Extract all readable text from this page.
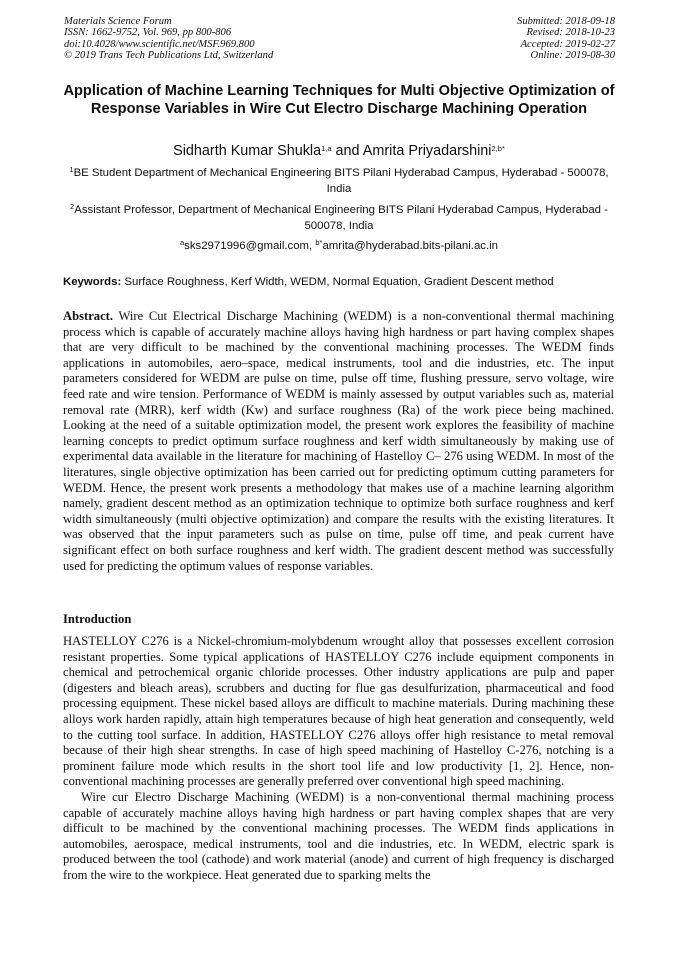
Materials Science Forum
ISSN: 1662-9752, Vol. 969, pp 800-806
doi:10.4028/www.scientific.net/MSF.969.800
© 2019 Trans Tech Publications Ltd, Switzerland
Submitted: 2018-09-18
Revised: 2018-10-23
Accepted: 2019-02-27
Online: 2019-08-30
Application of Machine Learning Techniques for Multi Objective Optimization of Response Variables in Wire Cut Electro Discharge Machining Operation
Sidharth Kumar Shukla$^{1,a}$ and Amrita Priyadarshini$^{2,b*}$
$^1$BE Student Department of Mechanical Engineering BITS Pilani Hyderabad Campus, Hyderabad - 500078, India
$^2$Assistant Professor, Department of Mechanical Engineering BITS Pilani Hyderabad Campus, Hyderabad - 500078, India
$^a$sks2971996@gmail.com, $^{b*}$amrita@hyderabad.bits-pilani.ac.in
Keywords: Surface Roughness, Kerf Width, WEDM, Normal Equation, Gradient Descent method
Abstract. Wire Cut Electrical Discharge Machining (WEDM) is a non-conventional thermal machining process which is capable of accurately machine alloys having high hardness or part having complex shapes that are very difficult to be machined by the conventional machining processes. The WEDM finds applications in automobiles, aero–space, medical instruments, tool and die industries, etc. The input parameters considered for WEDM are pulse on time, pulse off time, flushing pressure, servo voltage, wire feed rate and wire tension. Performance of WEDM is mainly assessed by output variables such as, material removal rate (MRR), kerf width (Kw) and surface roughness (Ra) of the work piece being machined. Looking at the need of a suitable optimization model, the present work explores the feasibility of machine learning concepts to predict optimum surface roughness and kerf width simultaneously by making use of experimental data available in the literature for machining of Hastelloy C– 276 using WEDM. In most of the literatures, single objective optimization has been carried out for predicting optimum cutting parameters for WEDM. Hence, the present work presents a methodology that makes use of a machine learning algorithm namely, gradient descent method as an optimization technique to optimize both surface roughness and kerf width simultaneously (multi objective optimization) and compare the results with the existing literatures. It was observed that the input parameters such as pulse on time, pulse off time, and peak current have significant effect on both surface roughness and kerf width. The gradient descent method was successfully used for predicting the optimum values of response variables.
Introduction

HASTELLOY C276 is a Nickel-chromium-molybdenum wrought alloy that possesses excellent corrosion resistant properties. Some typical applications of HASTELLOY C276 include equipment components in chemical and petrochemical organic chloride processes. Other industry applications are pulp and paper (digesters and bleach areas), scrubbers and ducting for flue gas desulfurization, pharmaceutical and food processing equipment. These nickel based alloys are difficult to machine materials. During machining these alloys work harden rapidly, attain high temperatures because of high heat generation and consequently, weld to the cutting tool surface. In addition, HASTELLOY C276 alloys offer high resistance to metal removal because of their high shear strengths. In case of high speed machining of Hastelloy C-276, notching is a prominent failure mode which results in the short tool life and low productivity [1, 2]. Hence, non-conventional machining processes are generally preferred over conventional high speed machining.

Wire cur Electro Discharge Machining (WEDM) is a non-conventional thermal machining process capable of accurately machine alloys having high hardness or part having complex shapes that are very difficult to be machined by the conventional machining processes. The WEDM finds applications in automobiles, aerospace, medical instruments, tool and die industries, etc. In WEDM, electric spark is produced between the tool (cathode) and work material (anode) and current of high frequency is discharged from the wire to the workpiece. Heat generated due to sparking melts the
